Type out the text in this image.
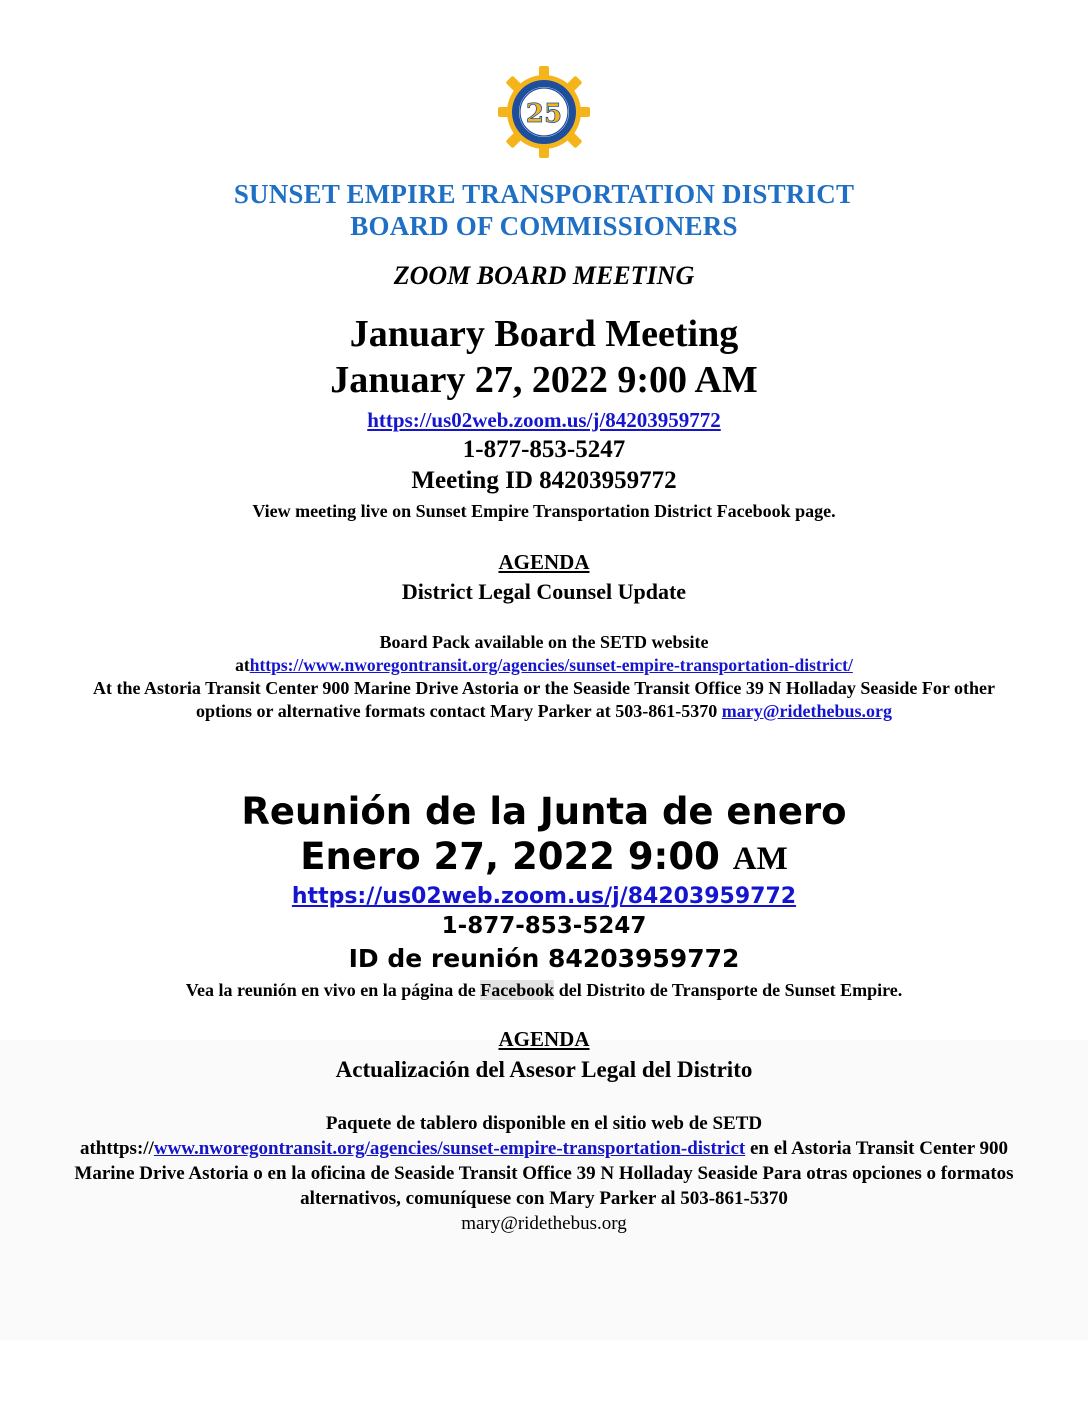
25
SUNSET EMPIRE TRANSPORTATION DISTRICT
BOARD OF COMMISSIONERS
ZOOM BOARD MEETING
January Board Meeting
January 27, 2022 9:00 AM
https://us02web.zoom.us/j/84203959772
1-877-853-5247
Meeting ID 84203959772
View meeting live on Sunset Empire Transportation District Facebook page.
AGENDA
District Legal Counsel Update
Board Pack available on the SETD website
athttps://www.nworegontransit.org/agencies/sunset-empire-transportation-district/
At the Astoria Transit Center 900 Marine Drive Astoria or the Seaside Transit Office 39 N Holladay Seaside For other options or alternative formats contact Mary Parker at 503-861-5370 mary@ridethebus.org
Reunión de la Junta de enero
Enero 27, 2022 9:00 AM
https://us02web.zoom.us/j/84203959772
1-877-853-5247
ID de reunión 84203959772
Vea la reunión en vivo en la página de Facebook del Distrito de Transporte de Sunset Empire.
AGENDA
Actualización del Asesor Legal del Distrito
Paquete de tablero disponible en el sitio web de SETD
athttps://www.nworegontransit.org/agencies/sunset-empire-transportation-district en el Astoria Transit Center 900 Marine Drive Astoria o en la oficina de Seaside Transit Office 39 N Holladay Seaside Para otras opciones o formatos alternativos, comuníquese con Mary Parker al 503-861-5370
mary@ridethebus.org
